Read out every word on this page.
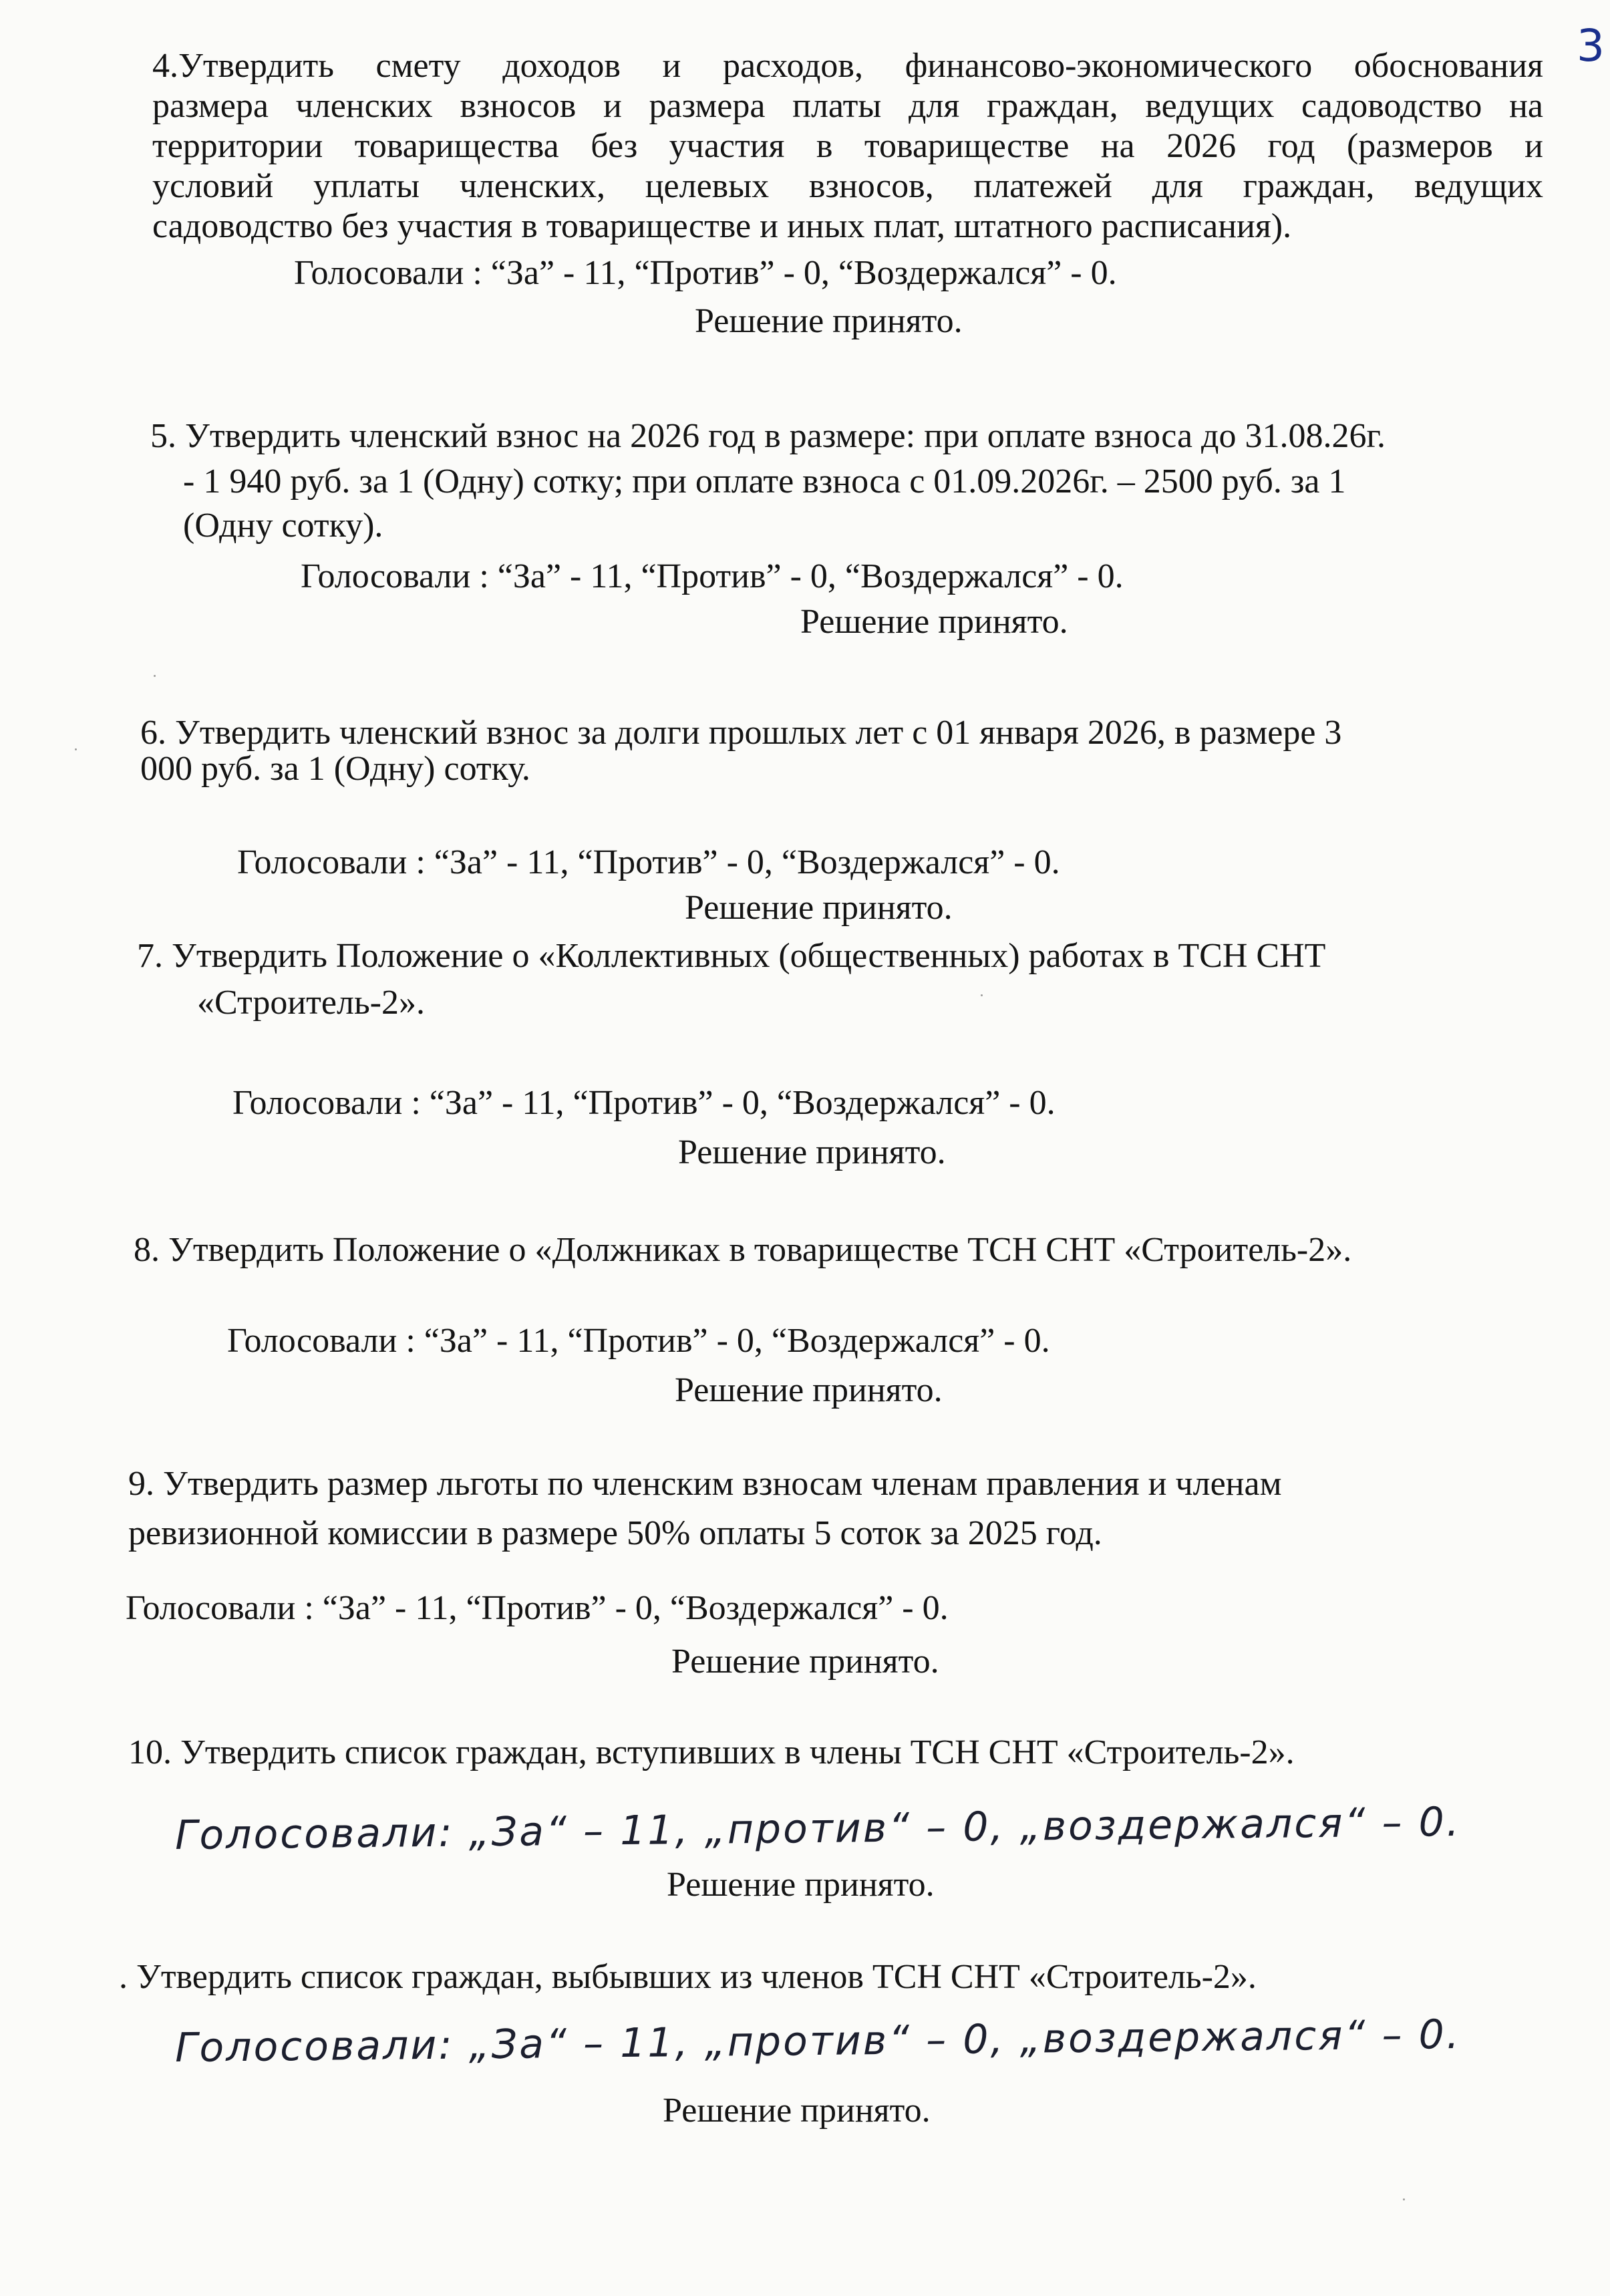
3

4.Утвердить смету доходов и расходов, финансово-экономического обоснования

размера членских взносов и размера платы для граждан, ведущих садоводство на

территории товарищества без участия в товариществе на 2026 год (размеров и

условий уплаты членских, целевых взносов, платежей для граждан, ведущих

садоводство без участия в товариществе и иных плат, штатного расписания).

Голосовали : “За” - 11, “Против” - 0, “Воздержался” - 0.

Решение принято.

5. Утвердить членский взнос на 2026 год в размере: при оплате взноса до 31.08.26г.

- 1 940 руб. за 1 (Одну) сотку; при оплате взноса с 01.09.2026г. – 2500 руб. за 1

(Одну сотку).

Голосовали : “За” - 11, “Против” - 0, “Воздержался” - 0.

Решение принято.

6. Утвердить членский взнос за долги прошлых лет с 01 января 2026, в размере 3

000 руб. за 1 (Одну) сотку.

Голосовали : “За” - 11, “Против” - 0, “Воздержался” - 0.

Решение принято.

7. Утвердить Положение о «Коллективных (общественных) работах в ТСН СНТ

«Строитель-2».

Голосовали : “За” - 11, “Против” - 0, “Воздержался” - 0.

Решение принято.

8. Утвердить Положение о «Должниках в товариществе ТСН СНТ «Строитель-2».

Голосовали : “За” - 11, “Против” - 0, “Воздержался” - 0.

Решение принято.

9. Утвердить размер льготы по членским взносам членам правления и членам

ревизионной комиссии в размере 50% оплаты 5 соток за 2025 год.

Голосовали : “За” - 11, “Против” - 0, “Воздержался” - 0.

Решение принято.

10. Утвердить список граждан, вступивших в члены ТСН СНТ «Строитель-2».

Голосовали: „За“ – 11, „против“ – 0, „воздержался“ – 0.

Решение принято.

. Утвердить список граждан, выбывших из членов ТСН СНТ «Строитель-2».

Голосовали: „За“ – 11, „против“ – 0, „воздержался“ – 0.

Решение принято.
